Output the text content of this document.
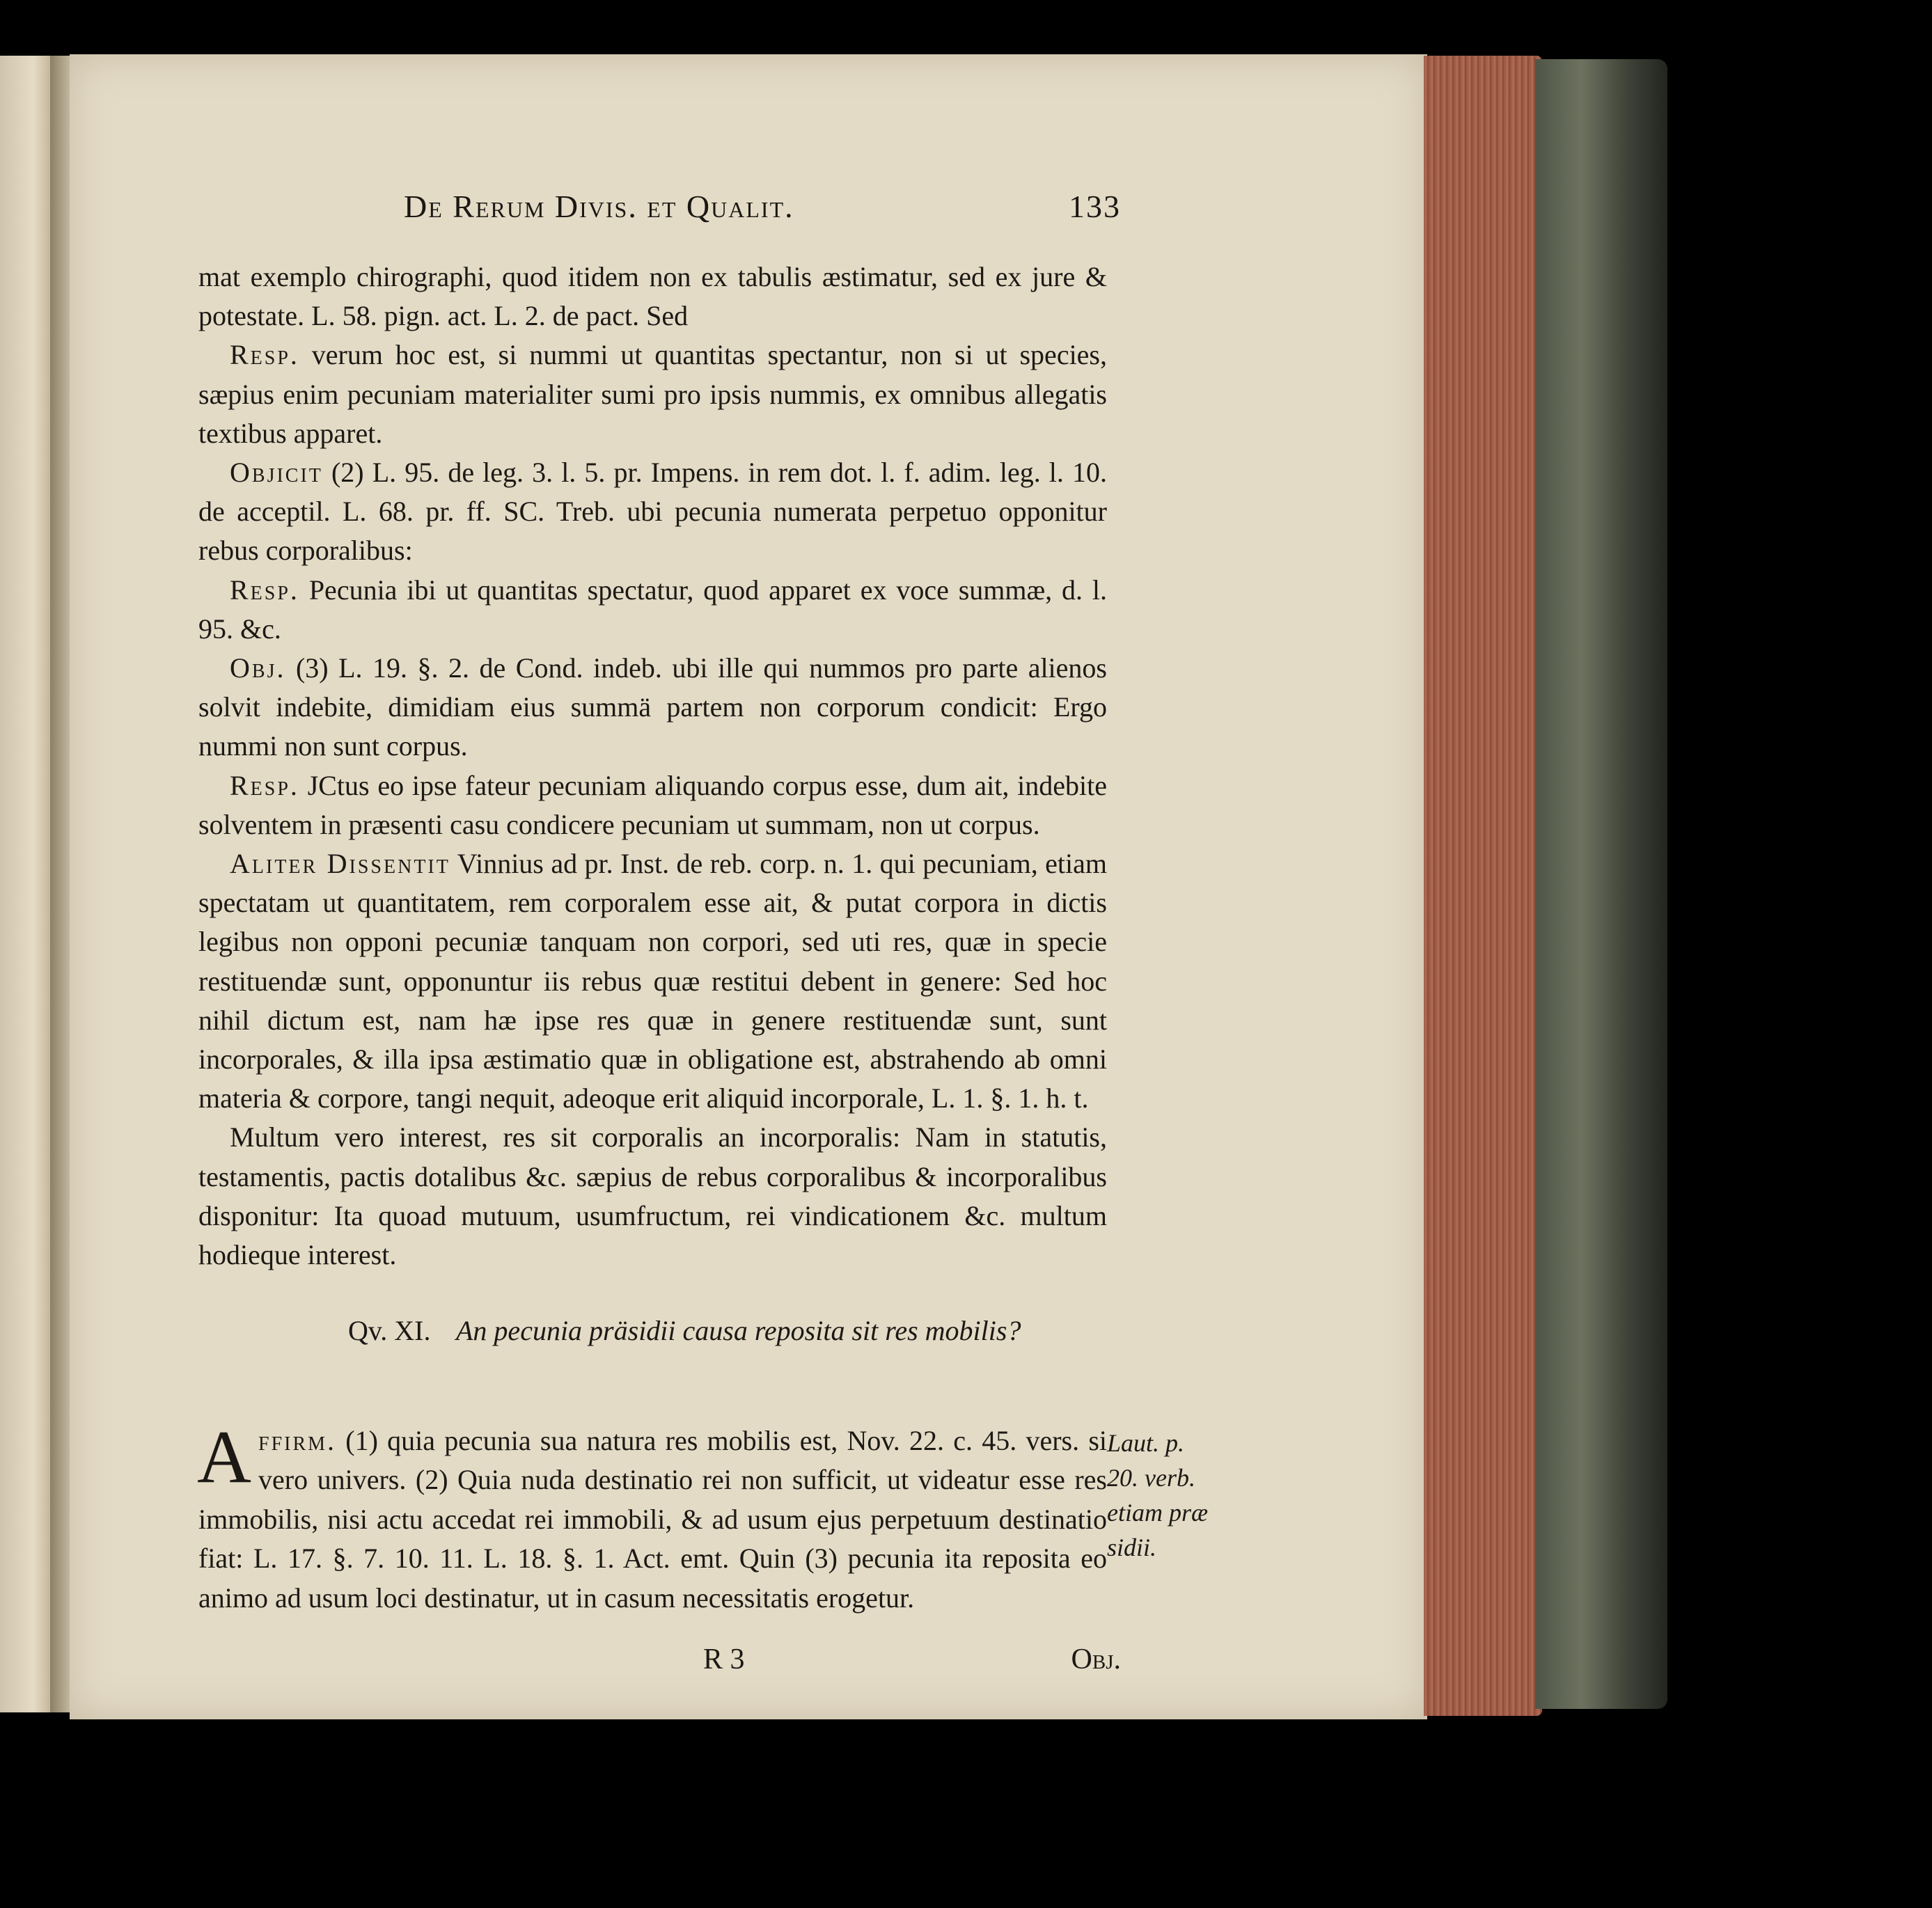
De Rerum Divis. et Qualit.	133

mat exemplo chirographi, quod itidem non ex tabulis æstimatur, sed ex jure & potestate. L. 58. pign. act. L. 2. de pact. Sed

Resp. verum hoc est, si nummi ut quantitas spectantur, non si ut species, sæpius enim pecuniam materialiter sumi pro ipsis nummis, ex omnibus allegatis textibus apparet.

Objicit (2) L. 95. de leg. 3. l. 5. pr. Impens. in rem dot. l. f. adim. leg. l. 10. de acceptil. L. 68. pr. ff. SC. Treb. ubi pecunia numerata perpetuo opponitur rebus corporalibus:

Resp. Pecunia ibi ut quantitas spectatur, quod apparet ex voce summæ, d. l. 95. &c.

Obj. (3) L. 19. §. 2. de Cond. indeb. ubi ille qui nummos pro parte alienos solvit indebite, dimidiam eius summä partem non corporum condicit: Ergo nummi non sunt corpus.

Resp. JCtus eo ipse fateur pecuniam aliquando corpus esse, dum ait, indebite solventem in præsenti casu condicere pecuniam ut summam, non ut corpus.

Aliter Dissentit Vinnius ad pr. Inst. de reb. corp. n. 1. qui pecuniam, etiam spectatam ut quantitatem, rem corporalem esse ait, & putat corpora in dictis legibus non opponi pecuniæ tanquam non corpori, sed uti res, quæ in specie restituendæ sunt, opponuntur iis rebus quæ restitui debent in genere: Sed hoc nihil dictum est, nam hæ ipse res quæ in genere restituendæ sunt, sunt incorporales, & illa ipsa æstimatio quæ in obligatione est, abstrahendo ab omni materia & corpore, tangi nequit, adeoque erit aliquid incorporale, L. 1. §. 1. h. t.

Multum vero interest, res sit corporalis an incorporalis: Nam in statutis, testamentis, pactis dotalibus &c. sæpius de rebus corporalibus & incorporalibus disponitur: Ita quoad mutuum, usumfructum, rei vindicationem &c. multum hodieque interest.

Qv. XI. An pecunia präsidii causa reposita sit res mobilis?
A ffirm. (1) quia pecunia sua natura res mobilis est, Nov. 22. c. 45. vers. si vero univers. (2) Quia nuda destinatio rei non sufficit, ut videatur esse res immobilis, nisi actu accedat rei immobili, & ad usum ejus perpetuum destinatio fiat: L. 17. §. 7. 10. 11. L. 18. §. 1. Act. emt. Quin (3) pecunia ita reposita eo animo ad usum loci destinatur, ut in casum necessitatis erogetur.
Laut. p.
20. verb.
etiam præ
sidii.
R 3	Obj.
